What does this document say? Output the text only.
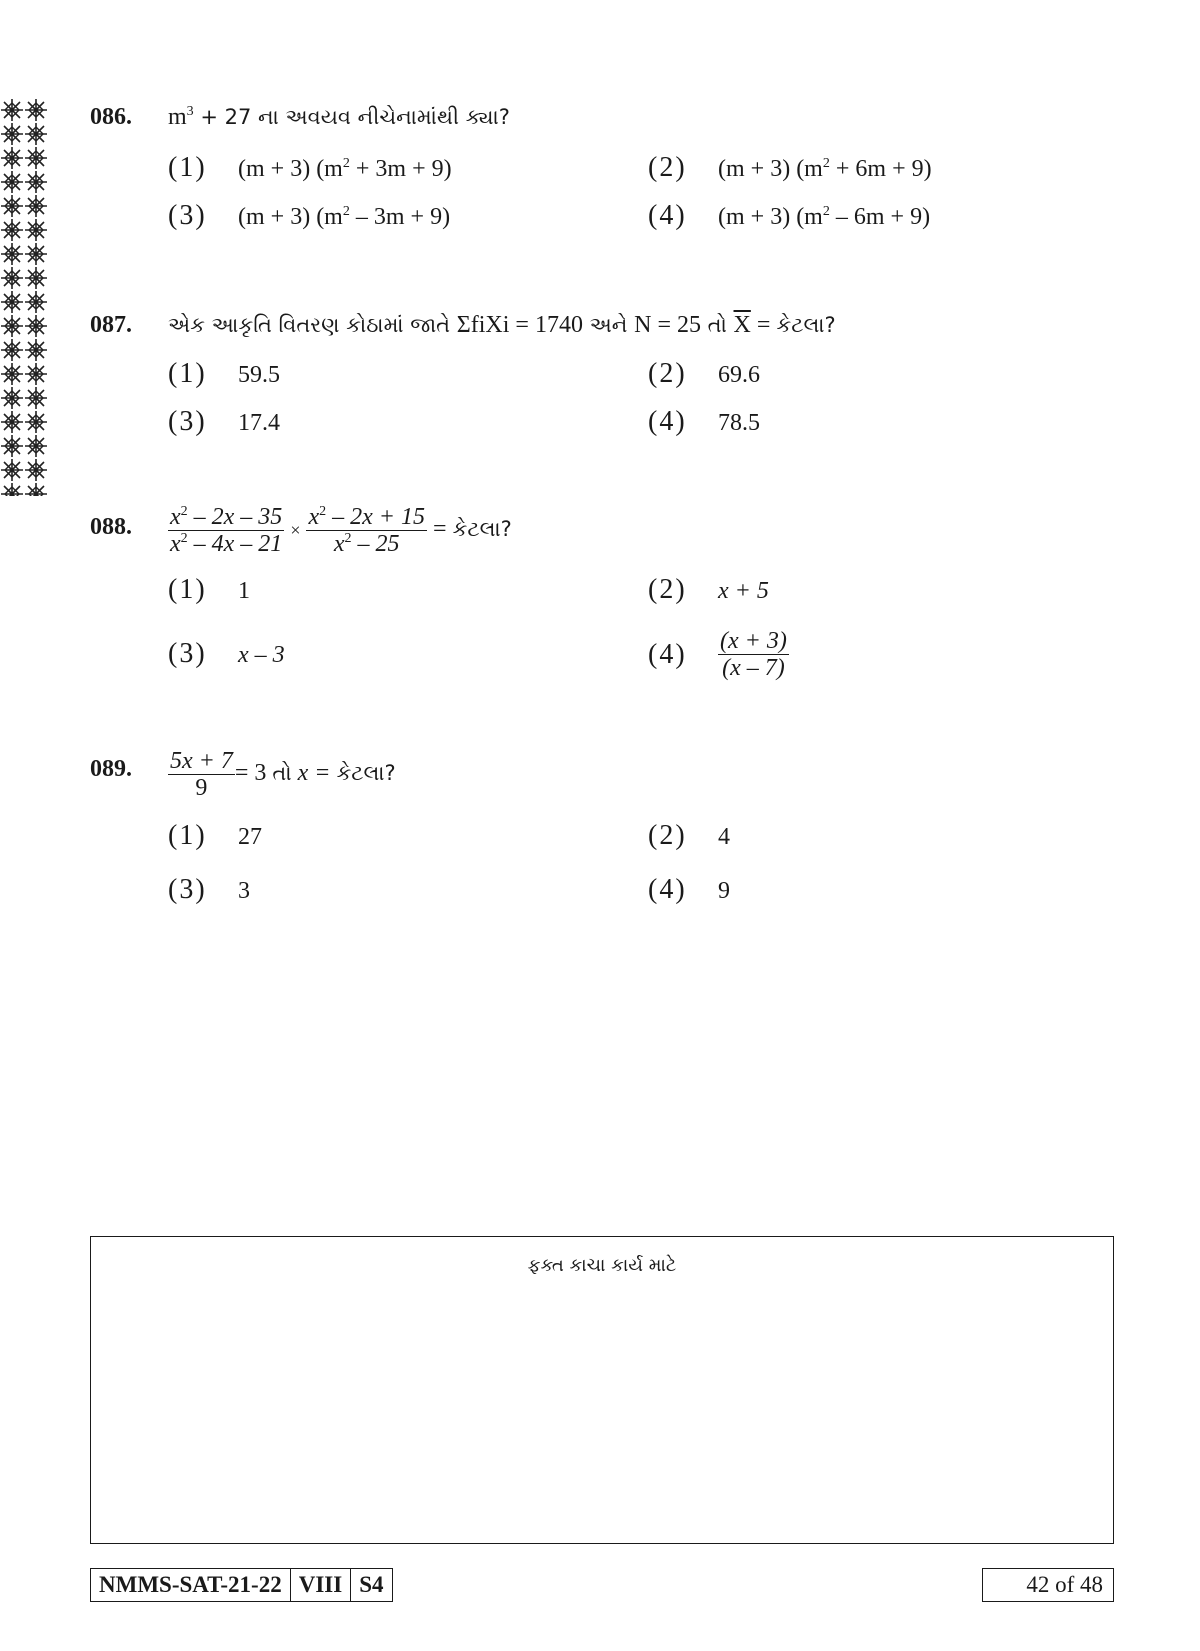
086. $m^3 + 27$ ના અવયવ નીચેનામાંથી ક્યા?
(1) (m + 3) $(m^2 + 3m + 9)$	(2) (m + 3) $(m^2 + 6m + 9)$
(3) (m + 3) $(m^2 - 3m + 9)$	(4) (m + 3) $(m^2 - 6m + 9)$
087. એક આકૃતિ વિતરણ કોઠામાં જાતે ΣfiXi = 1740 અને N = 25 તો $\overline{X}$ = કેટલા?
(1) 59.5	(2) 69.6
(3) 17.4	(4) 78.5
088. $\frac{x^2 - 2x - 35}{x^2 - 4x - 21} \times \frac{x^2 - 2x + 15}{x^2 - 25}$ = કેટલા?
(1) 1	(2) x + 5
(3) x – 3	$(4) \frac{(x + 3)}{(x - 7)}$
089. $\frac{5x + 7}{9} = 3$ તો x = કેટલા?
(1) 27	(2) 4
(3) 3	(4) 9
ફક્ત કાચા કાર્ય માટે
NMMS-SAT-21-22 VIII S4	42 of 48
